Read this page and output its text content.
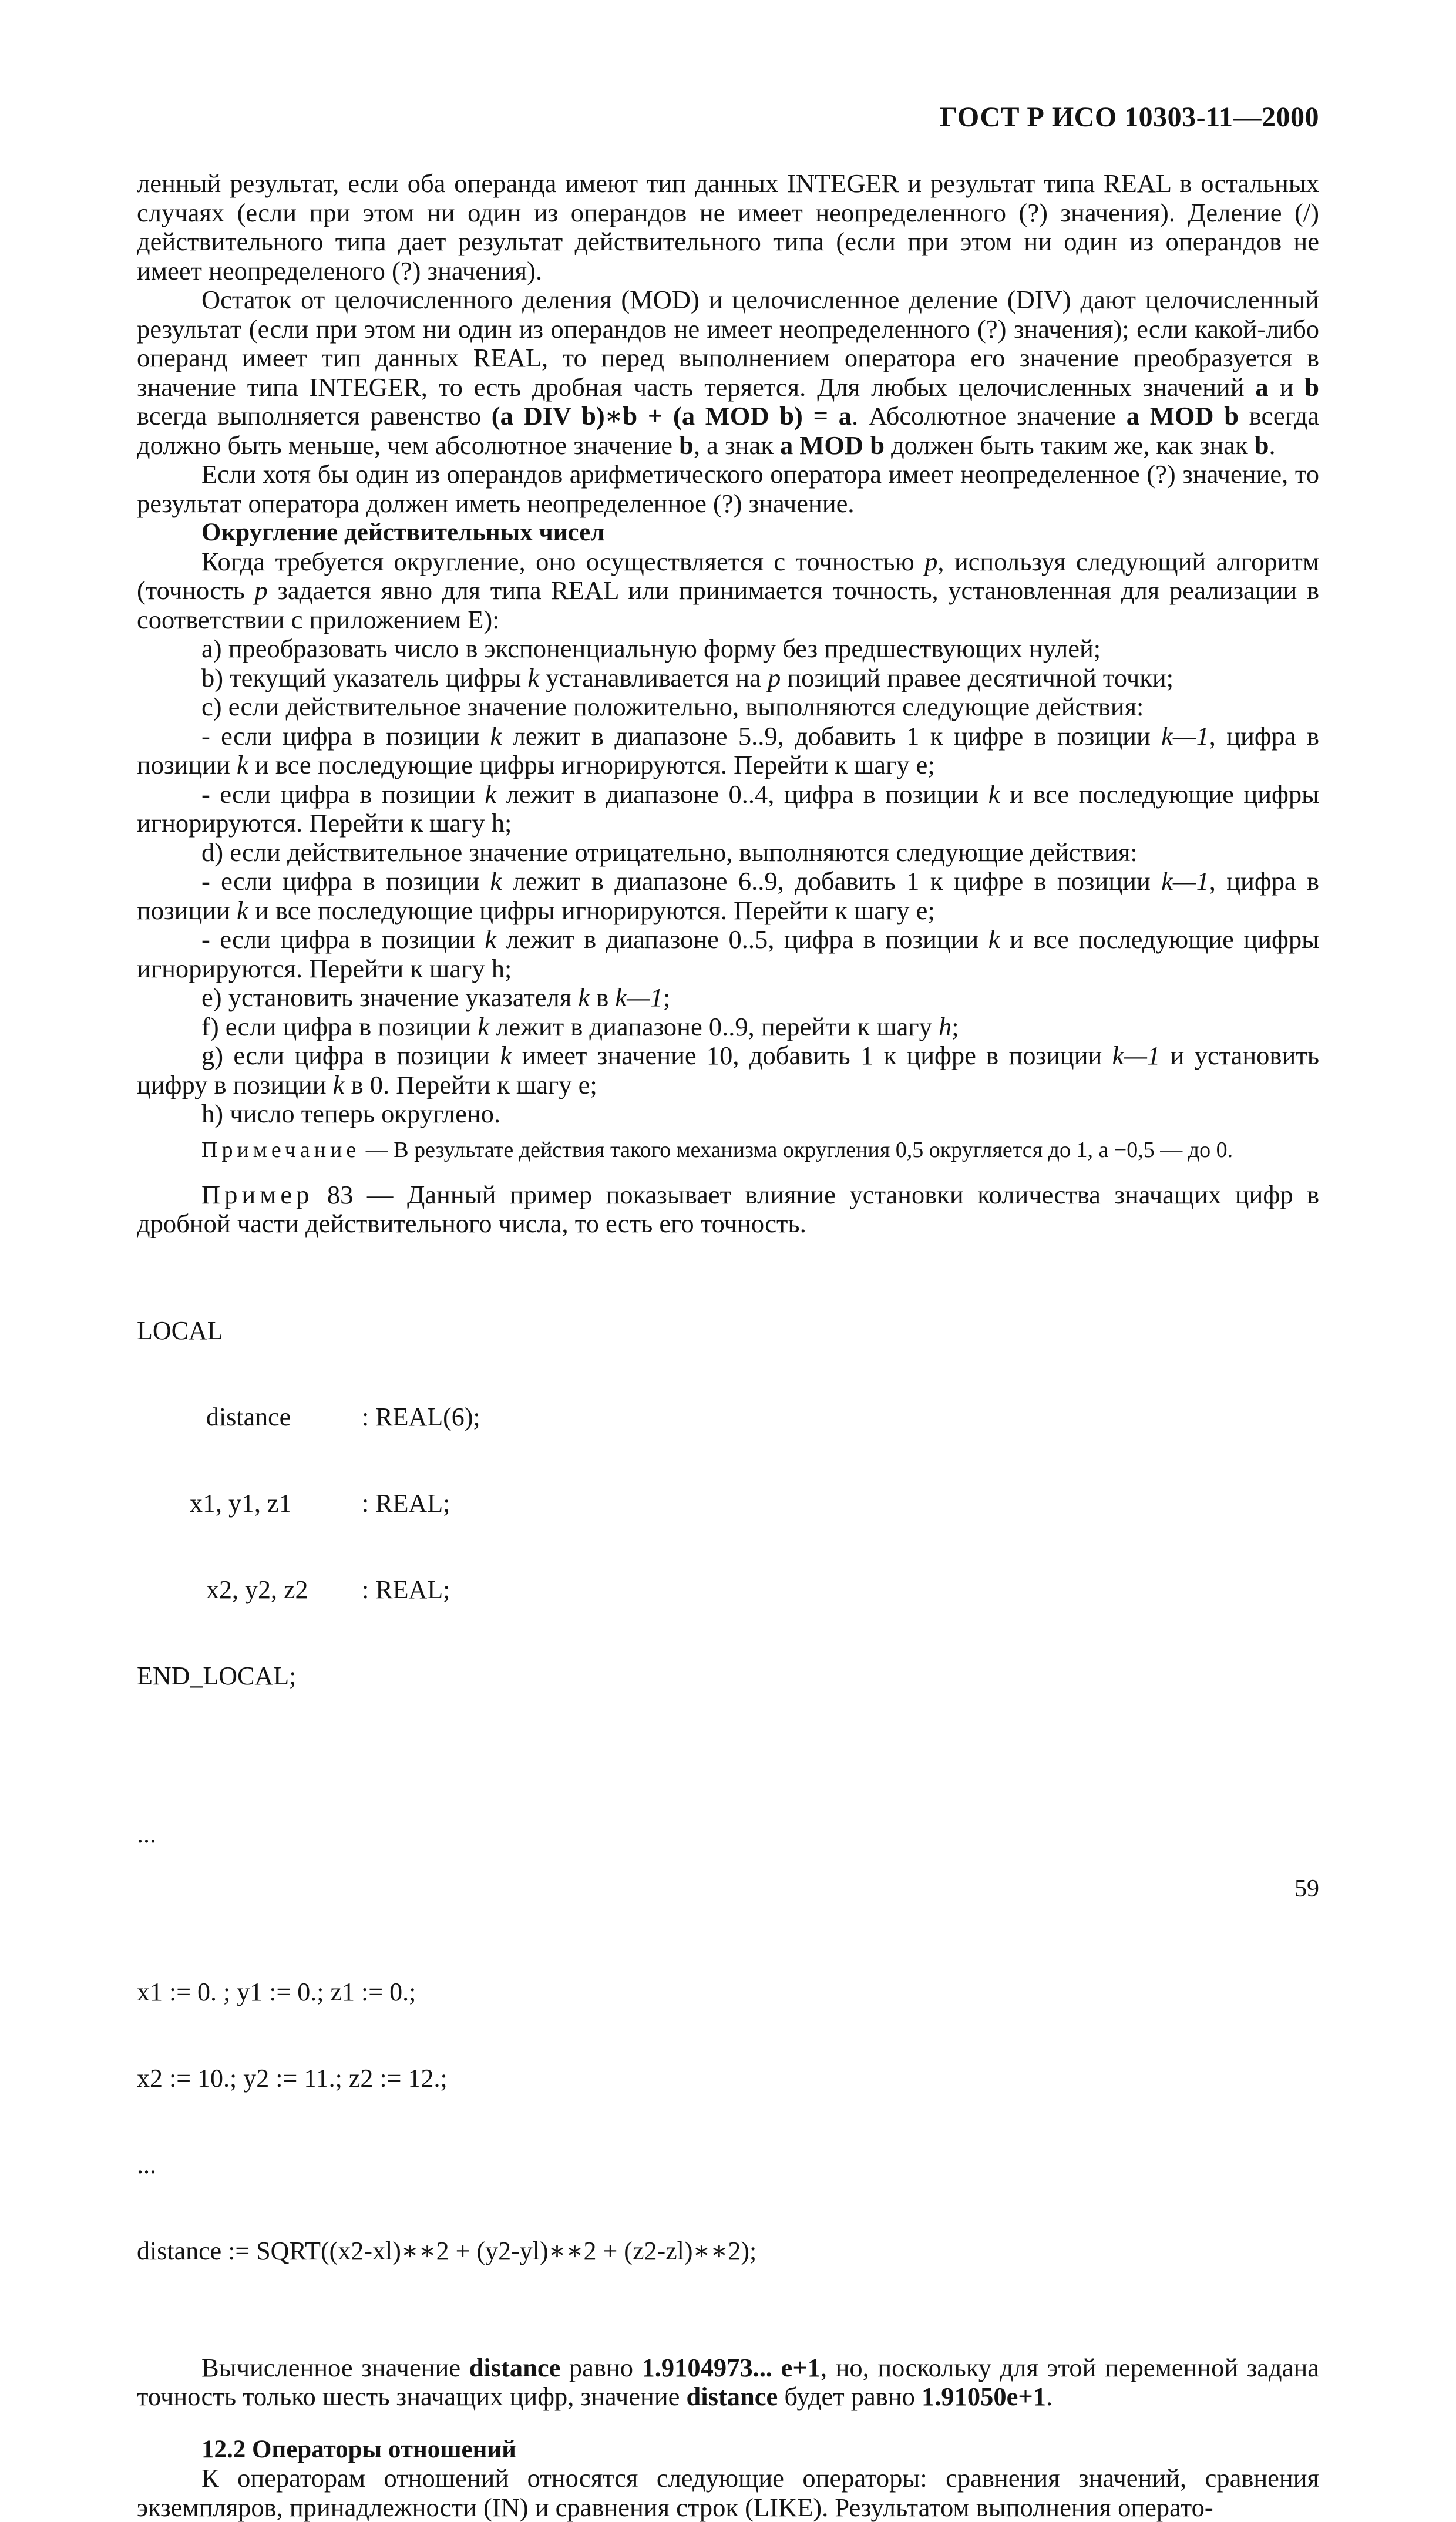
ГОСТ Р ИСО 10303-11—2000

ленный результат, если оба операнда имеют тип данных INTEGER и результат типа REAL в остальных случаях (если при этом ни один из операндов не имеет неопределенного (?) значения). Деление (/) действительного типа дает результат действительного типа (если при этом ни один из операндов не имеет неопределеного (?) значения).

Остаток от целочисленного деления (MOD) и целочисленное деление (DIV) дают целочисленный результат (если при этом ни один из операндов не имеет неопределенного (?) значения); если какой-либо операнд имеет тип данных REAL, то перед выполнением оператора его значение преобразуется в значение типа INTEGER, то есть дробная часть теряется. Для любых целочисленных значений a и b всегда выполняется равенство (a DIV b)∗b + (a MOD b) = a. Абсолютное значение a MOD b всегда должно быть меньше, чем абсолютное значение b, а знак a MOD b должен быть таким же, как знак b.

Если хотя бы один из операндов арифметического оператора имеет неопределенное (?) значение, то результат оператора должен иметь неопределенное (?) значение.

Округление действительных чисел

Когда требуется округление, оно осуществляется с точностью p, используя следующий алгоритм (точность p задается явно для типа REAL или принимается точность, установленная для реализации в соответствии с приложением E):

a) преобразовать число в экспоненциальную форму без предшествующих нулей;

b) текущий указатель цифры k устанавливается на p позиций правее десятичной точки;

c) если действительное значение положительно, выполняются следующие действия:

- если цифра в позиции k лежит в диапазоне 5..9, добавить 1 к цифре в позиции k—1, цифра в позиции k и все последующие цифры игнорируются. Перейти к шагу e;

- если цифра в позиции k лежит в диапазоне 0..4, цифра в позиции k и все последующие цифры игнорируются. Перейти к шагу h;

d) если действительное значение отрицательно, выполняются следующие действия:

- если цифра в позиции k лежит в диапазоне 6..9, добавить 1 к цифре в позиции k—1, цифра в позиции k и все последующие цифры игнорируются. Перейти к шагу e;

- если цифра в позиции k лежит в диапазоне 0..5, цифра в позиции k и все последующие цифры игнорируются. Перейти к шагу h;

e) установить значение указателя k в k—1;

f) если цифра в позиции k лежит в диапазоне 0..9, перейти к шагу h;

g) если цифра в позиции k имеет значение 10, добавить 1 к цифре в позиции k—1 и установить цифру в позиции k в 0. Перейти к шагу e;

h) число теперь округлено.

Примечание — В результате действия такого механизма округления 0,5 округляется до 1, а −0,5 — до 0.

Пример 83 — Данный пример показывает влияние установки количества значащих цифр в дробной части действительного числа, то есть его точность.

LOCAL

distance	: REAL(6);

x1, y1, z1	: REAL;

x2, y2, z2 : REAL;

END_LOCAL;

...

x1 := 0. ; y1 := 0.; z1 := 0.;

x2 := 10.; y2 := 11.; z2 := 12.;

...

distance := SQRT((x2-xl)∗∗2 + (y2-yl)∗∗2 + (z2-zl)∗∗2);

Вычисленное значение distance равно 1.9104973... e+1, но, поскольку для этой переменной задана точность только шесть значащих цифр, значение distance будет равно 1.91050e+1.

12.2 Операторы отношений

К операторам отношений относятся следующие операторы: сравнения значений, сравнения экземпляров, принадлежности (IN) и сравнения строк (LIKE). Результатом выполнения операто-

59
